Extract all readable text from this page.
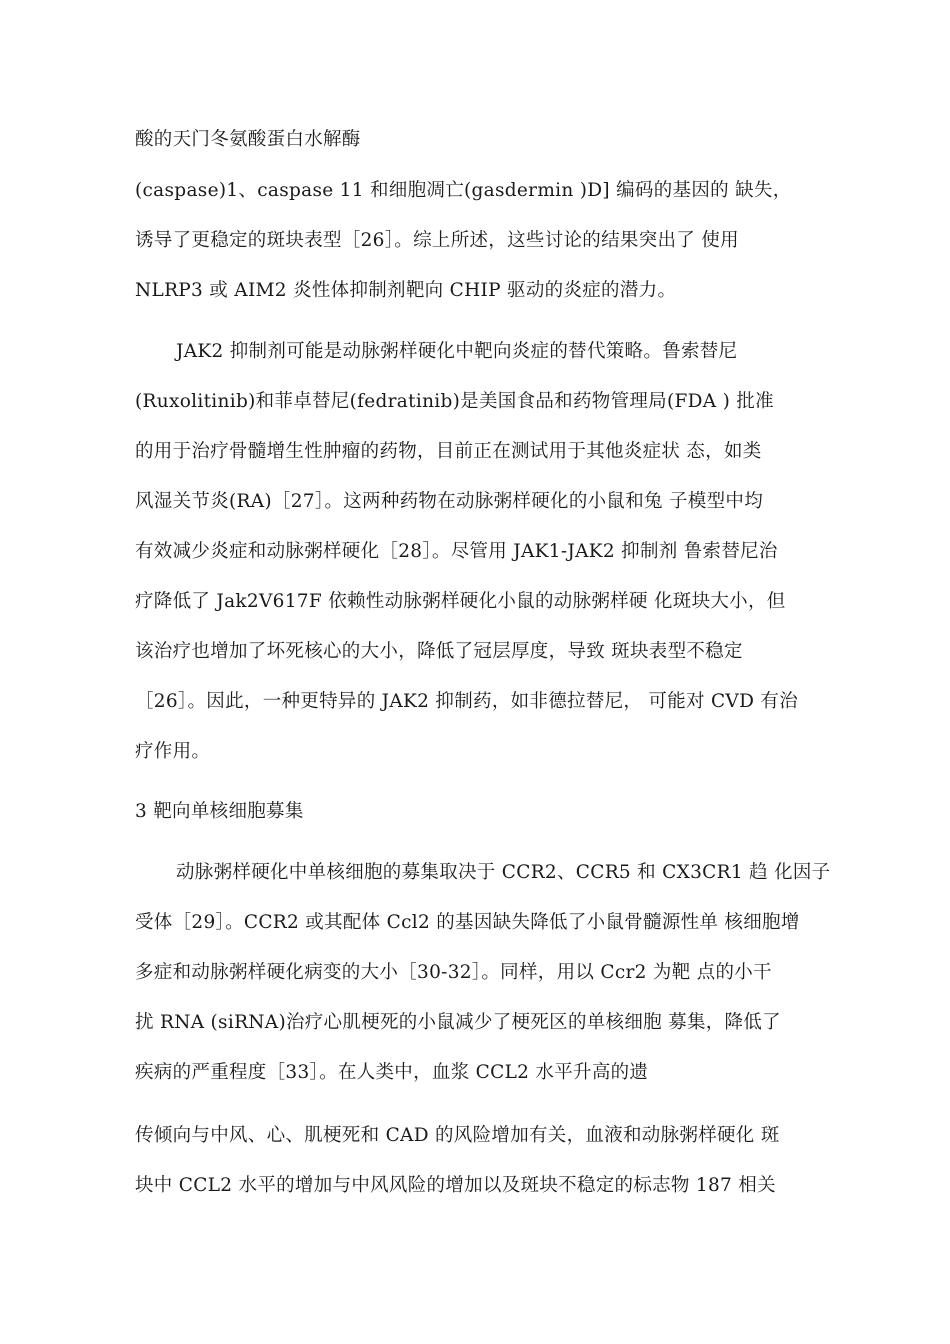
酸的天门冬氨酸蛋白水解酶
(caspase)1、caspase 11 和细胞凋亡(gasdermin )D] 编码的基因的 缺失，
诱导了更稳定的斑块表型［26］。综上所述，这些讨论的结果突出了 使用
NLRP3 或 AIM2 炎性体抑制剂靶向 CHIP 驱动的炎症的潜力。
JAK2 抑制剂可能是动脉粥样硬化中靶向炎症的替代策略。鲁索替尼
(Ruxolitinib)和菲卓替尼(fedratinib)是美国食品和药物管理局(FDA ) 批准
的用于治疗骨髓增生性肿瘤的药物，目前正在测试用于其他炎症状 态，如类
风湿关节炎(RA)［27］。这两种药物在动脉粥样硬化的小鼠和兔 子模型中均
有效减少炎症和动脉粥样硬化［28］。尽管用 JAK1-JAK2 抑制剂 鲁索替尼治
疗降低了 Jak2V617F 依赖性动脉粥样硬化小鼠的动脉粥样硬 化斑块大小，但
该治疗也增加了坏死核心的大小，降低了冠层厚度，导致 斑块表型不稳定
［26］。因此，一种更特异的 JAK2 抑制药，如非德拉替尼， 可能对 CVD 有治
疗作用。
3 靶向单核细胞募集
动脉粥样硬化中单核细胞的募集取决于 CCR2、CCR5 和 CX3CR1 趋 化因子
受体［29］。CCR2 或其配体 Ccl2 的基因缺失降低了小鼠骨髓源性单 核细胞增
多症和动脉粥样硬化病变的大小［30-32］。同样，用以 Ccr2 为靶 点的小干
扰 RNA (siRNA)治疗心肌梗死的小鼠减少了梗死区的单核细胞 募集，降低了
疾病的严重程度［33］。在人类中，血浆 CCL2 水平升高的遗
传倾向与中风、心、肌梗死和 CAD 的风险增加有关，血液和动脉粥样硬化 斑
块中 CCL2 水平的增加与中风风险的增加以及斑块不稳定的标志物 187 相关
